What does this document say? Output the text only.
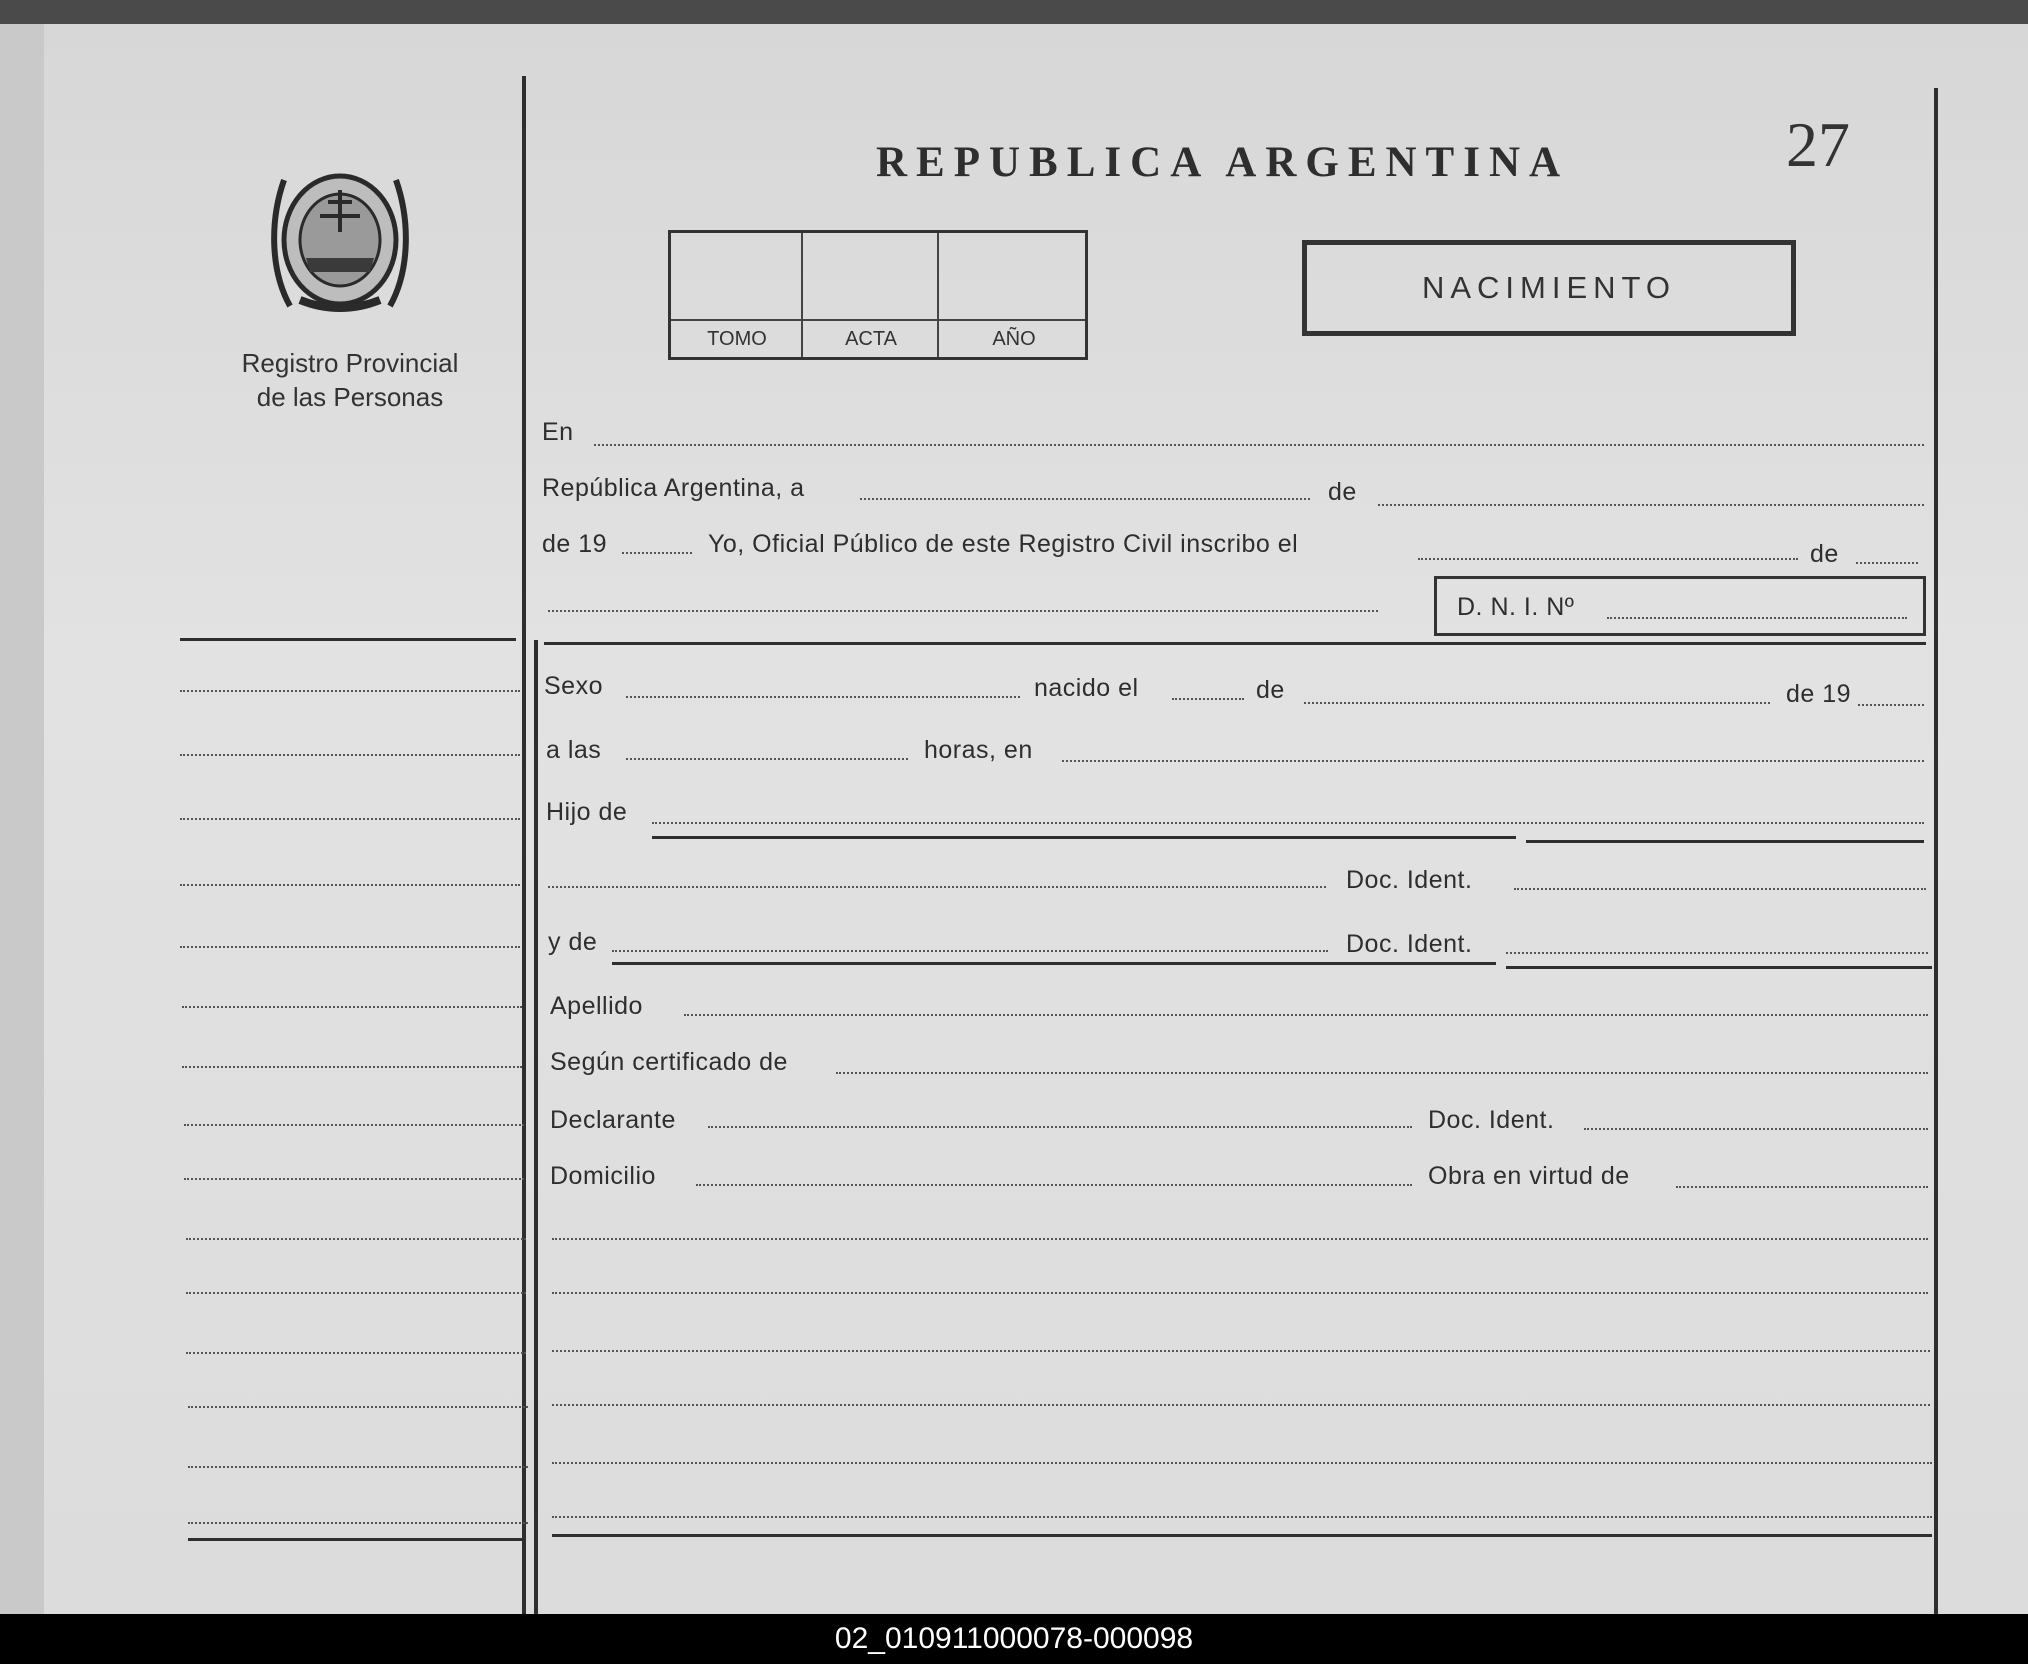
Registro Provincial
de las Personas
REPUBLICA ARGENTINA	27
TOMO	ACTA	AÑO
NACIMIENTO
En
República Argentina, a	de
de 19	Yo, Oficial Público de este Registro Civil inscribo el	de
D. N. I. Nº
Sexo	nacido el	de	de 19
a las	horas, en
Hijo de
Doc. Ident.
y de	Doc. Ident.
Apellido
Según certificado de
Declarante	Doc. Ident.
Domicilio	Obra en virtud de
02_010911000078-000098
